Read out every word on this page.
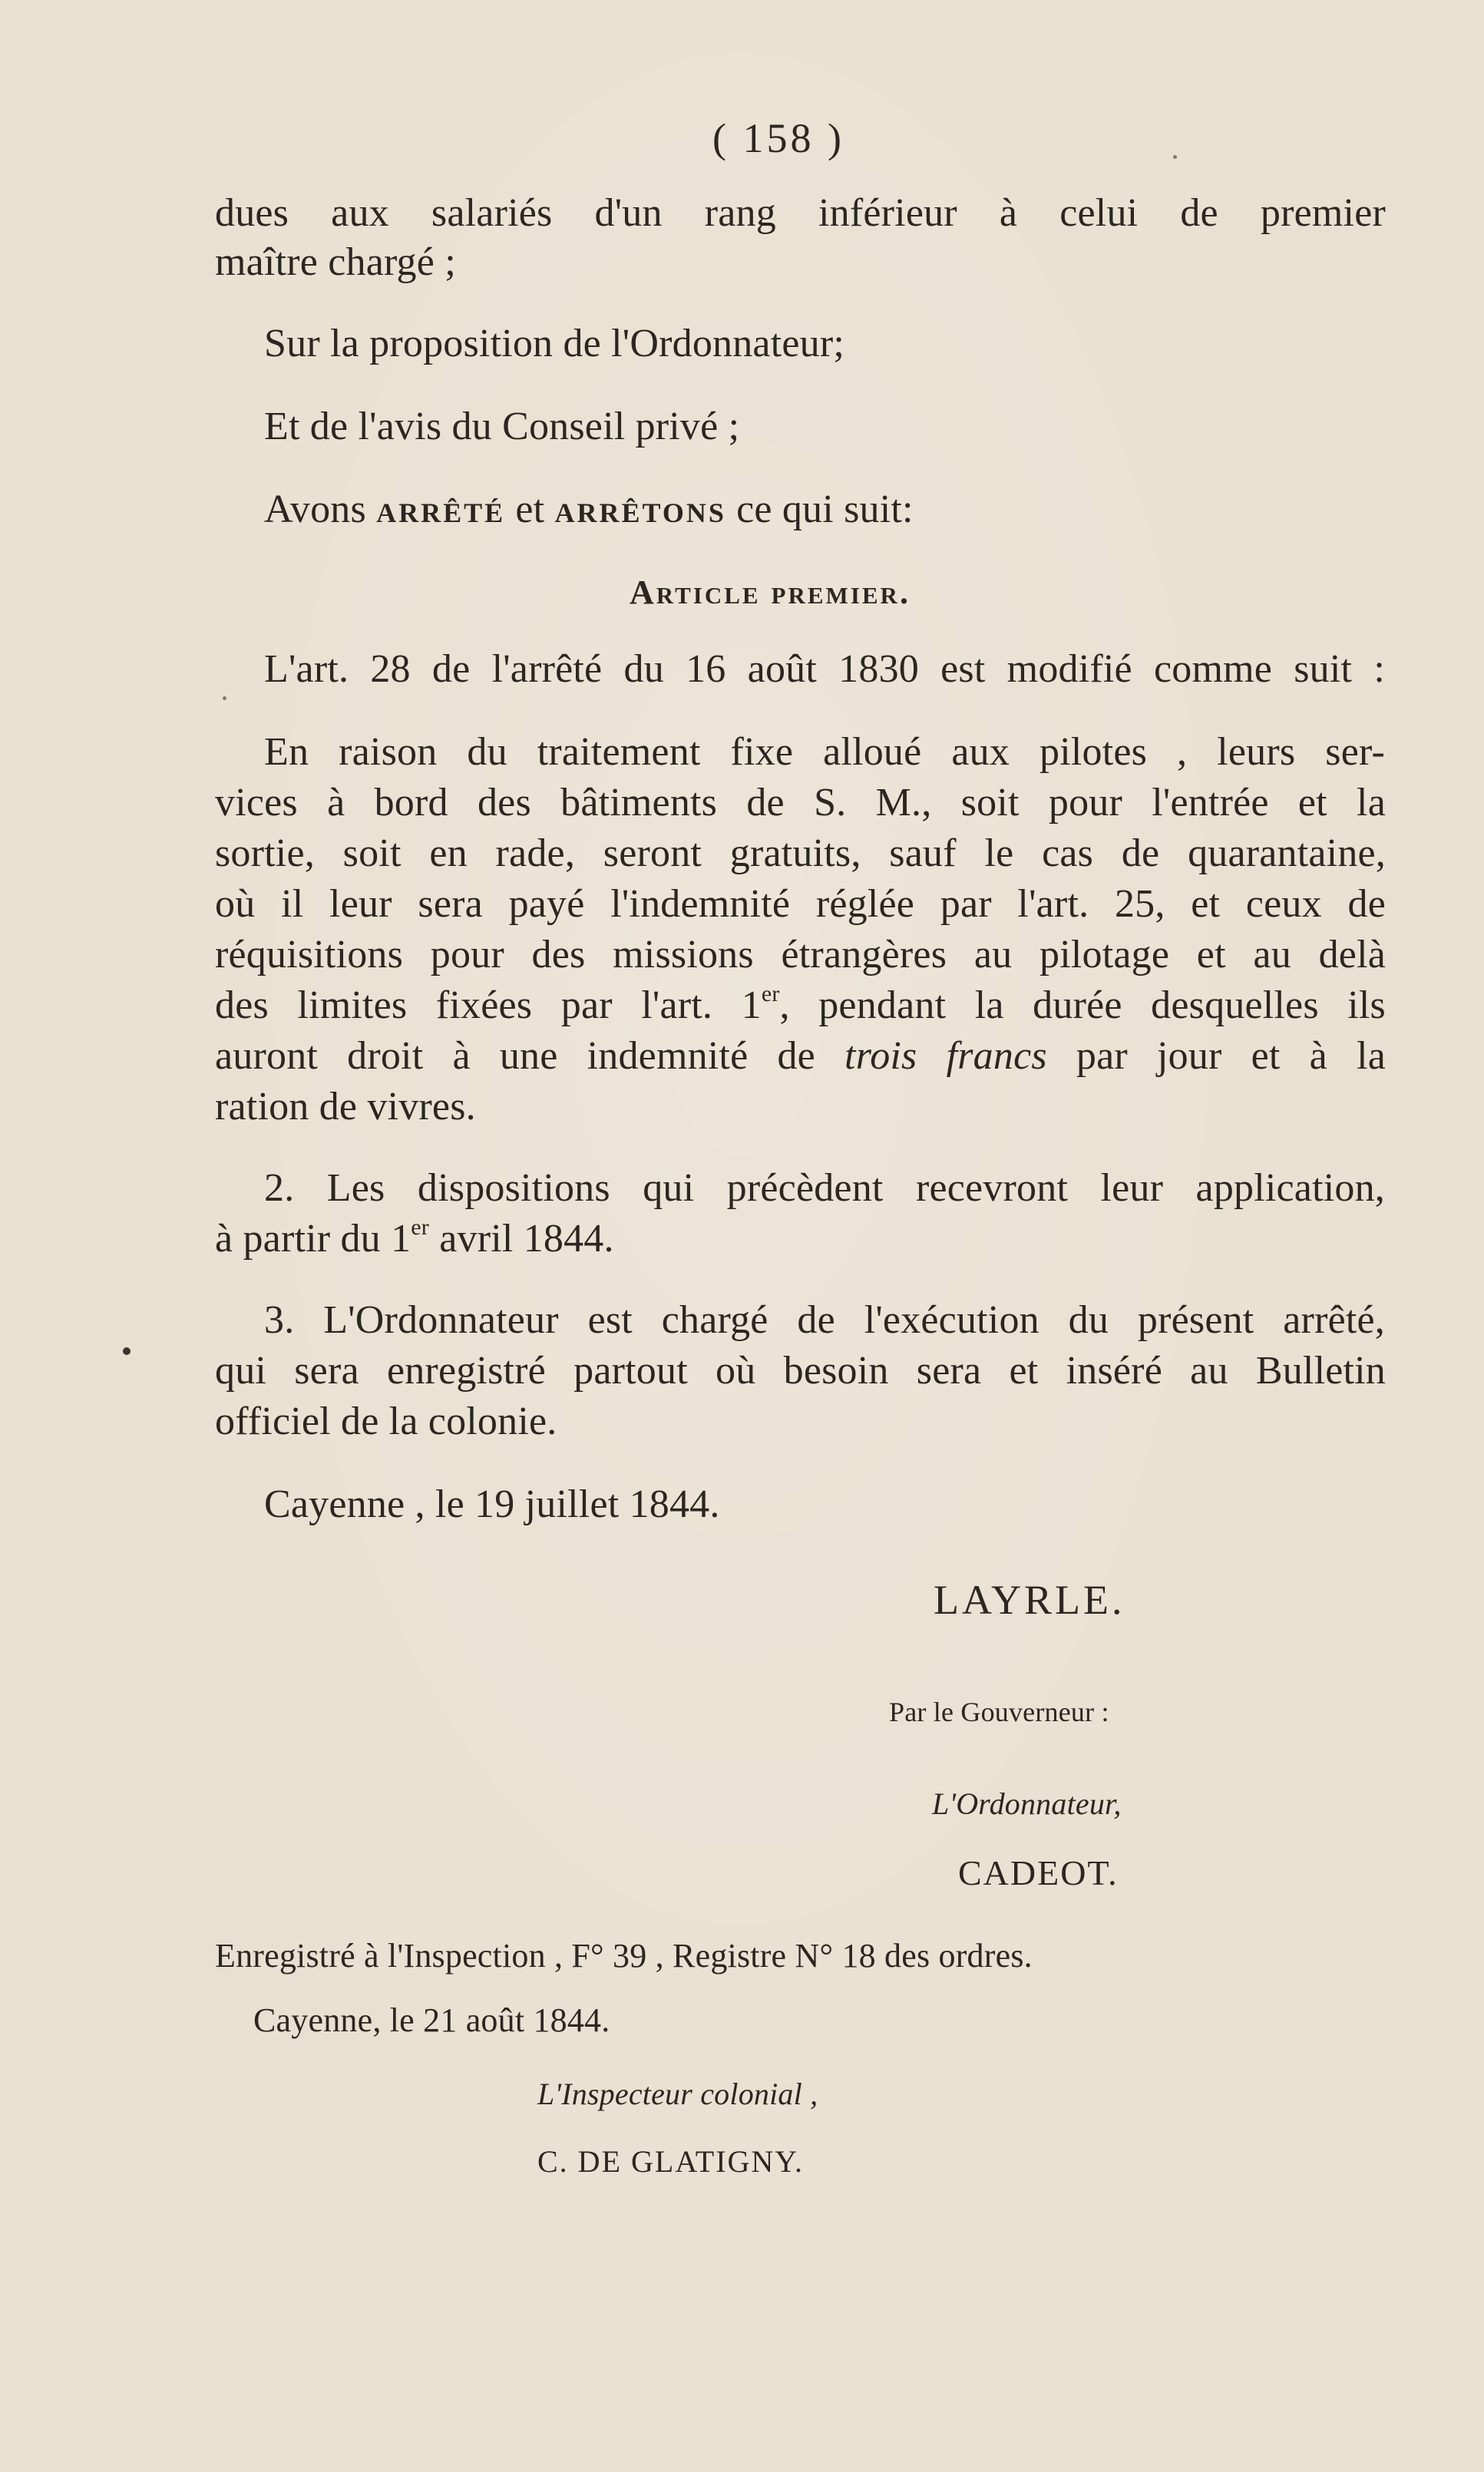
( 158 )
dues aux salariés d'un rang inférieur à celui de premier
maître chargé ;
Sur la proposition de l'Ordonnateur;
Et de l'avis du Conseil privé ;
Avons arrêté et arrêtons ce qui suit:
Article premier.
L'art. 28 de l'arrêté du 16 août 1830 est modifié comme suit :
En raison du traitement fixe alloué aux pilotes , leurs ser-
vices à bord des bâtiments de S. M., soit pour l'entrée et la
sortie, soit en rade, seront gratuits, sauf le cas de quarantaine,
où il leur sera payé l'indemnité réglée par l'art. 25, et ceux de
réquisitions pour des missions étrangères au pilotage et au delà
des limites fixées par l'art. 1er, pendant la durée desquelles ils
auront droit à une indemnité de trois francs par jour et à la
ration de vivres.
2. Les dispositions qui précèdent recevront leur application,
à partir du 1er avril 1844.
3. L'Ordonnateur est chargé de l'exécution du présent arrêté,
qui sera enregistré partout où besoin sera et inséré au Bulletin
officiel de la colonie.
Cayenne , le 19 juillet 1844.
LAYRLE.
Par le Gouverneur :
L'Ordonnateur,
CADEOT.
Enregistré à l'Inspection , F° 39 , Registre N° 18 des ordres.
Cayenne, le 21 août 1844.
L'Inspecteur colonial ,
C. DE GLATIGNY.
